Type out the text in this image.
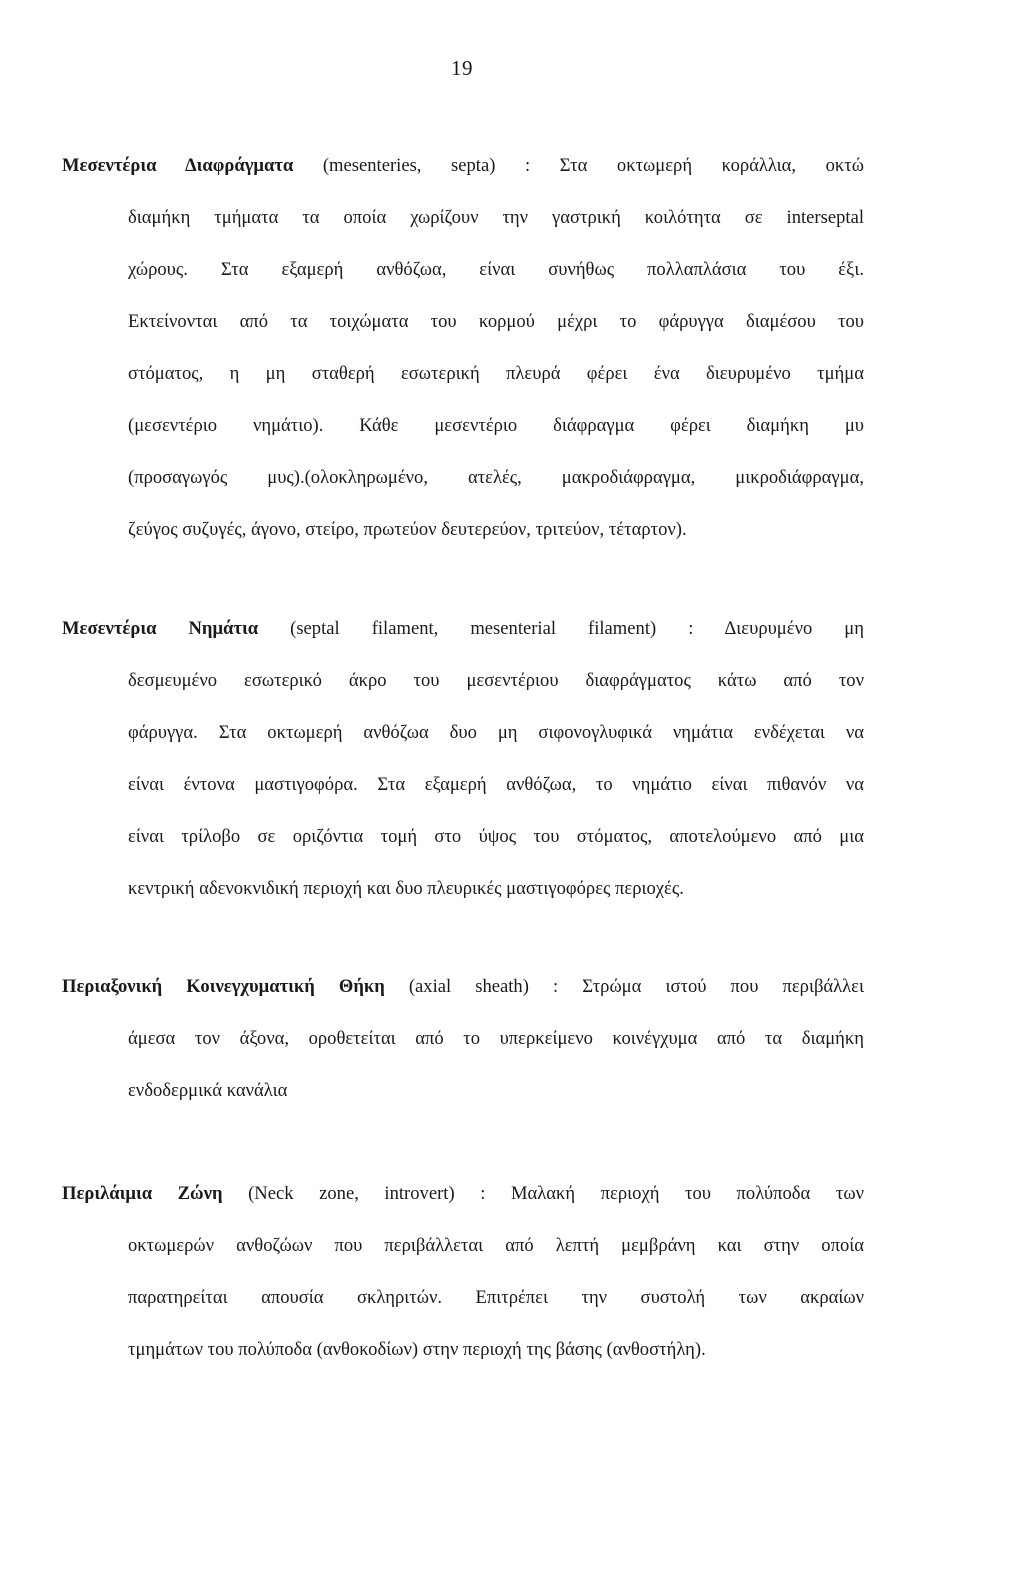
19
Μεσεντέρια Διαφράγματα (mesenteries, septa) : Στα οκτωμερή κοράλλια, οκτώ
διαμήκη τμήματα τα οποία χωρίζουν την γαστρική κοιλότητα σε interseptal
χώρους. Στα εξαμερή ανθόζωα, είναι συνήθως πολλαπλάσια του έξι.
Εκτείνονται από τα τοιχώματα του κορμού μέχρι το φάρυγγα διαμέσου του
στόματος, η μη σταθερή εσωτερική πλευρά φέρει ένα διευρυμένο τμήμα
(μεσεντέριο νημάτιο). Κάθε μεσεντέριο διάφραγμα φέρει διαμήκη μυ
(προσαγωγός μυς).(ολοκληρωμένο, ατελές, μακροδιάφραγμα, μικροδιάφραγμα,
ζεύγος συζυγές, άγονο, στείρο, πρωτεύον δευτερεύον, τριτεύον, τέταρτον).
Μεσεντέρια Νημάτια (septal filament, mesenterial filament) : Διευρυμένο μη
δεσμευμένο εσωτερικό άκρο του μεσεντέριου διαφράγματος κάτω από τον
φάρυγγα. Στα οκτωμερή ανθόζωα δυο μη σιφονογλυφικά νημάτια ενδέχεται να
είναι έντονα μαστιγοφόρα. Στα εξαμερή ανθόζωα, το νημάτιο είναι πιθανόν να
είναι τρίλοβο σε οριζόντια τομή στο ύψος του στόματος, αποτελούμενο από μια
κεντρική αδενοκνιδική περιοχή και δυο πλευρικές μαστιγοφόρες περιοχές.
Περιαξονική Κοινεγχυματική Θήκη (axial sheath) : Στρώμα ιστού που περιβάλλει
άμεσα τον άξονα, οροθετείται από το υπερκείμενο κοινέγχυμα από τα διαμήκη
ενδοδερμικά κανάλια
Περιλάιμια Ζώνη (Neck zone, introvert) : Μαλακή περιοχή του πολύποδα των
οκτωμερών ανθοζώων που περιβάλλεται από λεπτή μεμβράνη και στην οποία
παρατηρείται απουσία σκληριτών. Επιτρέπει την συστολή των ακραίων
τμημάτων του πολύποδα (ανθοκοδίων) στην περιοχή της βάσης (ανθοστήλη).
